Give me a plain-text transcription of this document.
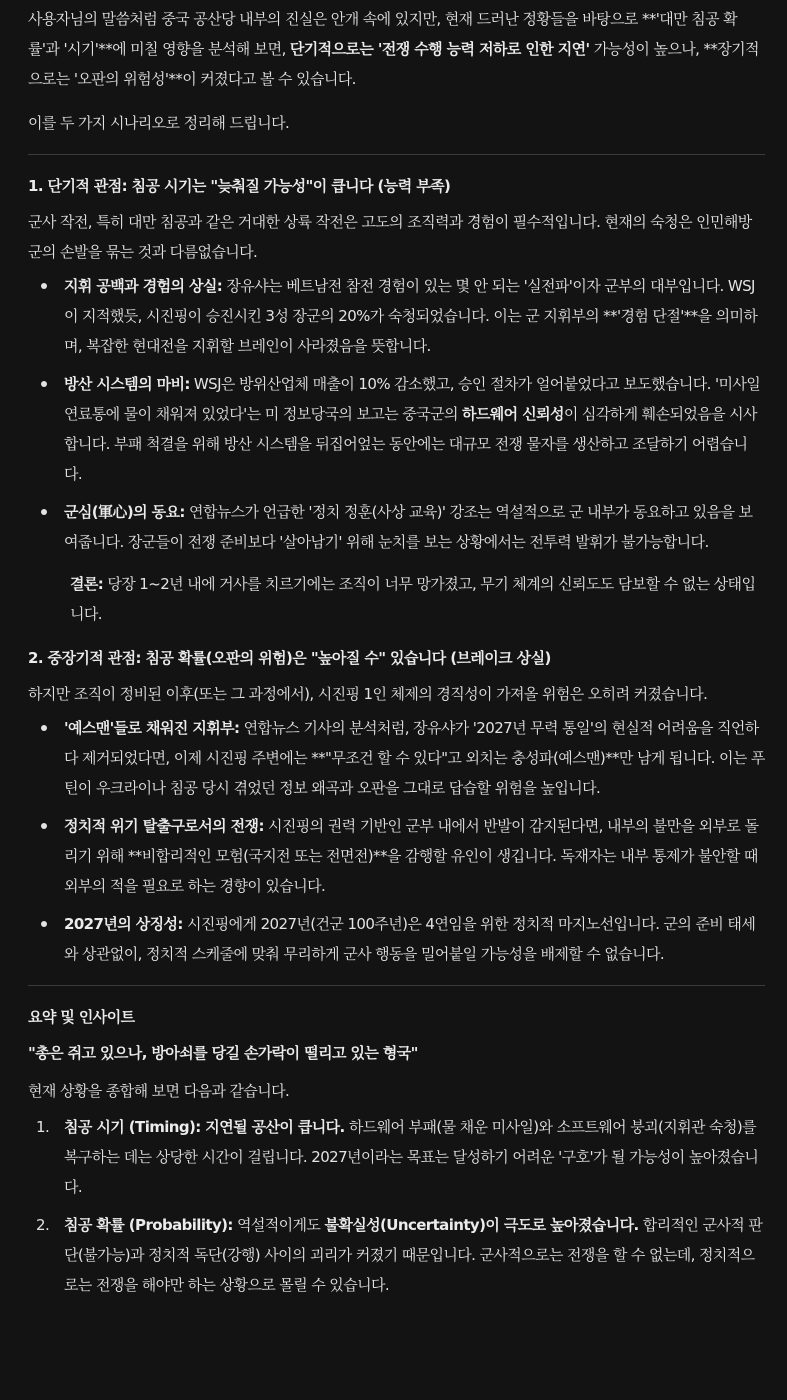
사용자님의 말씀처럼 중국 공산당 내부의 진실은 안개 속에 있지만, 현재 드러난 정황들을 바탕으로 **'대만 침공 확률'과 '시기'**에 미칠 영향을 분석해 보면, 단기적으로는 '전쟁 수행 능력 저하로 인한 지연' 가능성이 높으나, **장기적으로는 '오판의 위험성'**이 커졌다고 볼 수 있습니다.

이를 두 가지 시나리오로 정리해 드립니다.

1. 단기적 관점: 침공 시기는 "늦춰질 가능성"이 큽니다 (능력 부족)

군사 작전, 특히 대만 침공과 같은 거대한 상륙 작전은 고도의 조직력과 경험이 필수적입니다. 현재의 숙청은 인민해방군의 손발을 묶는 것과 다름없습니다.

지휘 공백과 경험의 상실: 장유샤는 베트남전 참전 경험이 있는 몇 안 되는 '실전파'이자 군부의 대부입니다. WSJ이 지적했듯, 시진핑이 승진시킨 3성 장군의 20%가 숙청되었습니다. 이는 군 지휘부의 **'경험 단절'**을 의미하며, 복잡한 현대전을 지휘할 브레인이 사라졌음을 뜻합니다.
방산 시스템의 마비: WSJ은 방위산업체 매출이 10% 감소했고, 승인 절차가 얼어붙었다고 보도했습니다. '미사일 연료통에 물이 채워져 있었다'는 미 정보당국의 보고는 중국군의 하드웨어 신뢰성이 심각하게 훼손되었음을 시사합니다. 부패 척결을 위해 방산 시스템을 뒤집어엎는 동안에는 대규모 전쟁 물자를 생산하고 조달하기 어렵습니다.
군심(軍心)의 동요: 연합뉴스가 언급한 '정치 정훈(사상 교육)' 강조는 역설적으로 군 내부가 동요하고 있음을 보여줍니다. 장군들이 전쟁 준비보다 '살아남기' 위해 눈치를 보는 상황에서는 전투력 발휘가 불가능합니다.

결론: 당장 1~2년 내에 거사를 치르기에는 조직이 너무 망가졌고, 무기 체계의 신뢰도도 담보할 수 없는 상태입니다.

2. 중장기적 관점: 침공 확률(오판의 위험)은 "높아질 수" 있습니다 (브레이크 상실)

하지만 조직이 정비된 이후(또는 그 과정에서), 시진핑 1인 체제의 경직성이 가져올 위험은 오히려 커졌습니다.

'예스맨'들로 채워진 지휘부: 연합뉴스 기사의 분석처럼, 장유샤가 '2027년 무력 통일'의 현실적 어려움을 직언하다 제거되었다면, 이제 시진핑 주변에는 **"무조건 할 수 있다"고 외치는 충성파(예스맨)**만 남게 됩니다. 이는 푸틴이 우크라이나 침공 당시 겪었던 정보 왜곡과 오판을 그대로 답습할 위험을 높입니다.
정치적 위기 탈출구로서의 전쟁: 시진핑의 권력 기반인 군부 내에서 반발이 감지된다면, 내부의 불만을 외부로 돌리기 위해 **비합리적인 모험(국지전 또는 전면전)**을 감행할 유인이 생깁니다. 독재자는 내부 통제가 불안할 때 외부의 적을 필요로 하는 경향이 있습니다.
2027년의 상징성: 시진핑에게 2027년(건군 100주년)은 4연임을 위한 정치적 마지노선입니다. 군의 준비 태세와 상관없이, 정치적 스케줄에 맞춰 무리하게 군사 행동을 밀어붙일 가능성을 배제할 수 없습니다.
요약 및 인사이트
"총은 쥐고 있으나, 방아쇠를 당길 손가락이 떨리고 있는 형국"

현재 상황을 종합해 보면 다음과 같습니다.

1. 침공 시기 (Timing): 지연될 공산이 큽니다. 하드웨어 부패(물 채운 미사일)와 소프트웨어 붕괴(지휘관 숙청)를 복구하는 데는 상당한 시간이 걸립니다. 2027년이라는 목표는 달성하기 어려운 '구호'가 될 가능성이 높아졌습니다.
2. 침공 확률 (Probability): 역설적이게도 불확실성(Uncertainty)이 극도로 높아졌습니다. 합리적인 군사적 판단(불가능)과 정치적 독단(강행) 사이의 괴리가 커졌기 때문입니다. 군사적으로는 전쟁을 할 수 없는데, 정치적으로는 전쟁을 해야만 하는 상황으로 몰릴 수 있습니다.
